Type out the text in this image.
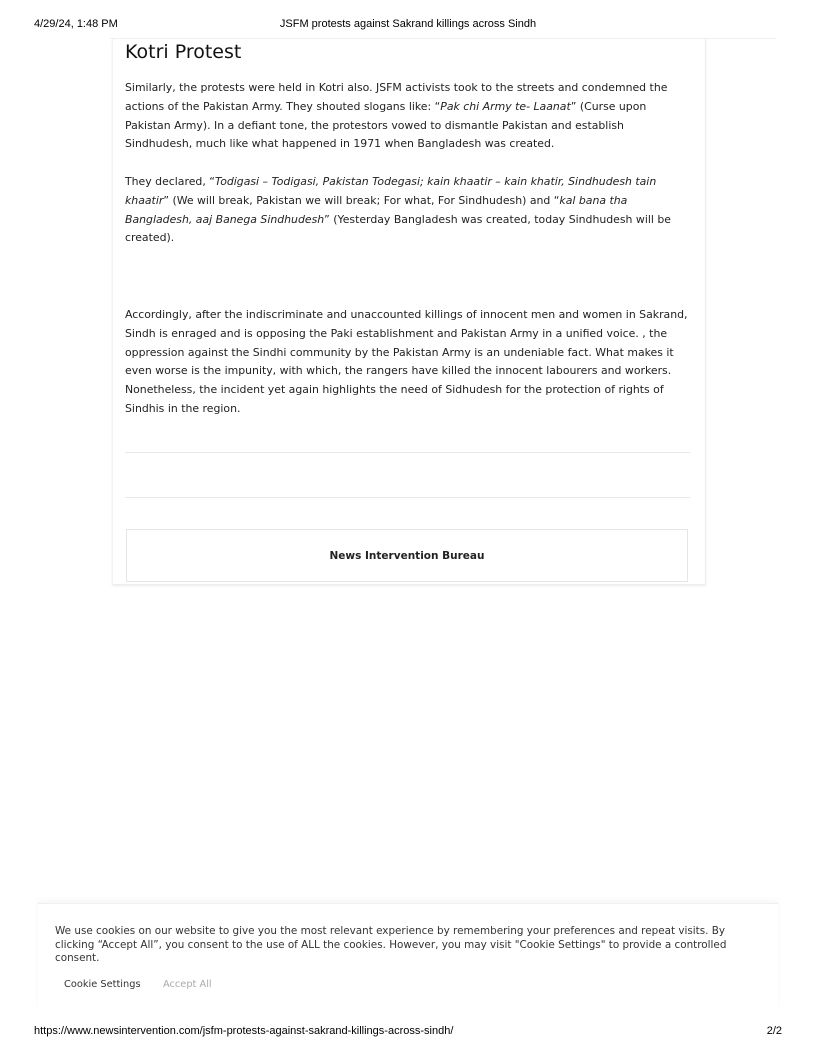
JSFM protests against Sakrand killings across Sindh
4/29/24, 1:48 PM
Kotri Protest

Similarly, the protests were held in Kotri also. JSFM activists took to the streets and condemned the actions of the Pakistan Army. They shouted slogans like: “Pak chi Army te- Laanat” (Curse upon Pakistan Army). In a defiant tone, the protestors vowed to dismantle Pakistan and establish Sindhudesh, much like what happened in 1971 when Bangladesh was created.

They declared, “Todigasi – Todigasi, Pakistan Todegasi; kain khaatir – kain khatir, Sindhudesh tain khaatir” (We will break, Pakistan we will break; For what, For Sindhudesh) and “kal bana tha Bangladesh, aaj Banega Sindhudesh” (Yesterday Bangladesh was created, today Sindhudesh will be created).

Accordingly, after the indiscriminate and unaccounted killings of innocent men and women in Sakrand, Sindh is enraged and is opposing the Paki establishment and Pakistan Army in a unified voice. , the oppression against the Sindhi community by the Pakistan Army is an undeniable fact. What makes it even worse is the impunity, with which, the rangers have killed the innocent labourers and workers. Nonetheless, the incident yet again highlights the need of Sidhudesh for the protection of rights of Sindhis in the region.

News Intervention Bureau

We use cookies on our website to give you the most relevant experience by remembering your preferences and repeat visits. By clicking “Accept All”, you consent to the use of ALL the cookies. However, you may visit "Cookie Settings" to provide a controlled consent.

Cookie Settings Accept All
https://www.newsintervention.com/jsfm-protests-against-sakrand-killings-across-sindh/	2/2
